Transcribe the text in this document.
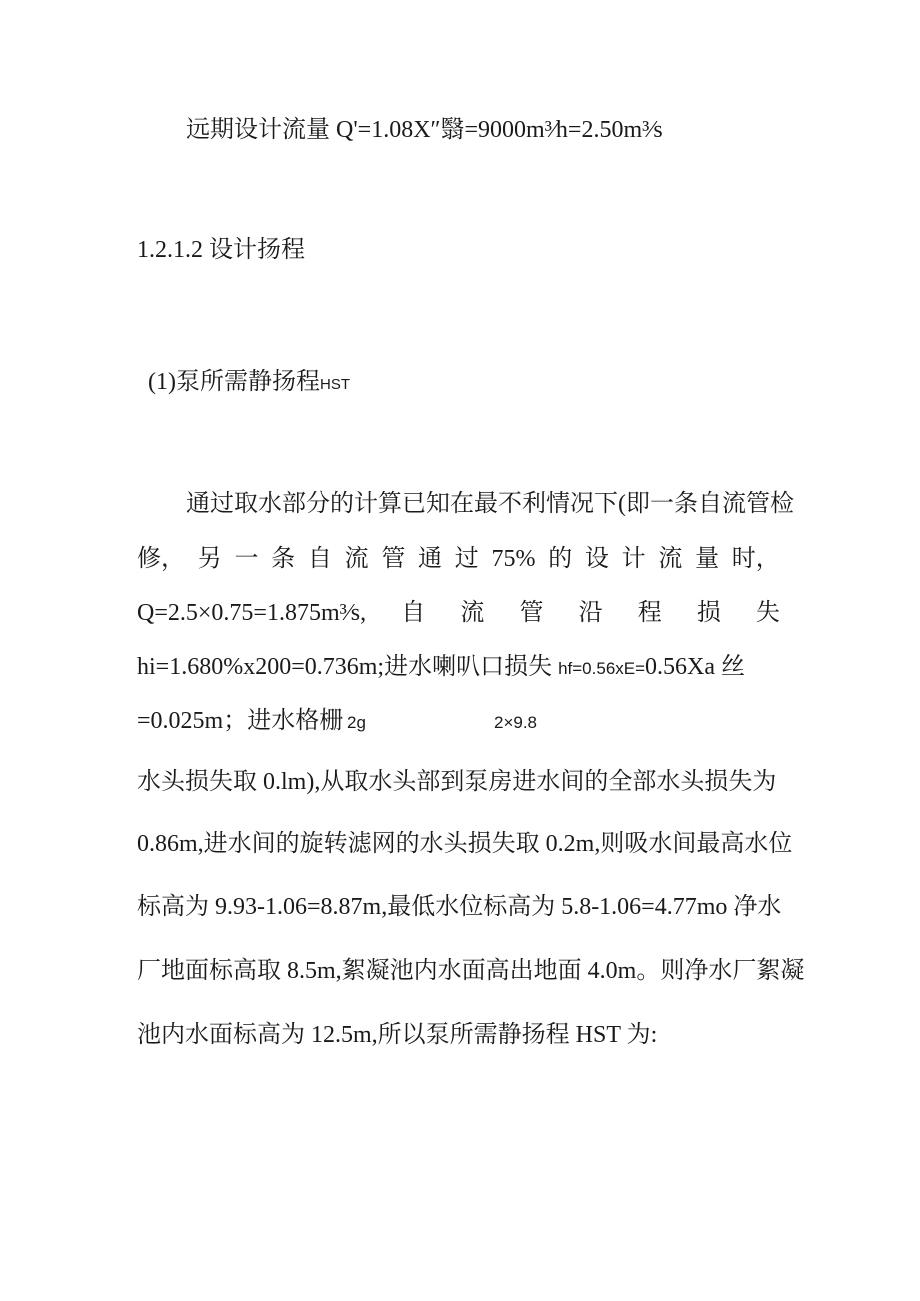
远期设计流量 Q'=1.08X″翳=9000m³⁄h=2.50m³⁄s
1.2.1.2 设计扬程
(1)泵所需静扬程HST
通过取水部分的计算已知在最不利情况下(即一条自流管检
修， 另 一 条 自 流 管 通 过 75% 的 设 计 流 量 时，
Q=2.5×0.75=1.875m³⁄s, 自 流 管 沿 程 损 失
hi=1.680%x200=0.736m;进水喇叭口损失 hf=0.56xE=0.56Xa 丝
=0.025m；进水格栅 2g	2×9.8
水头损失取 0.lm),从取水头部到泵房进水间的全部水头损失为
0.86m,进水间的旋转滤网的水头损失取 0.2m,则吸水间最高水位
标高为 9.93-1.06=8.87m,最低水位标高为 5.8-1.06=4.77mo 净水
厂地面标高取 8.5m,絮凝池内水面高出地面 4.0m。则净水厂絮凝
池内水面标高为 12.5m,所以泵所需静扬程 HST 为:
